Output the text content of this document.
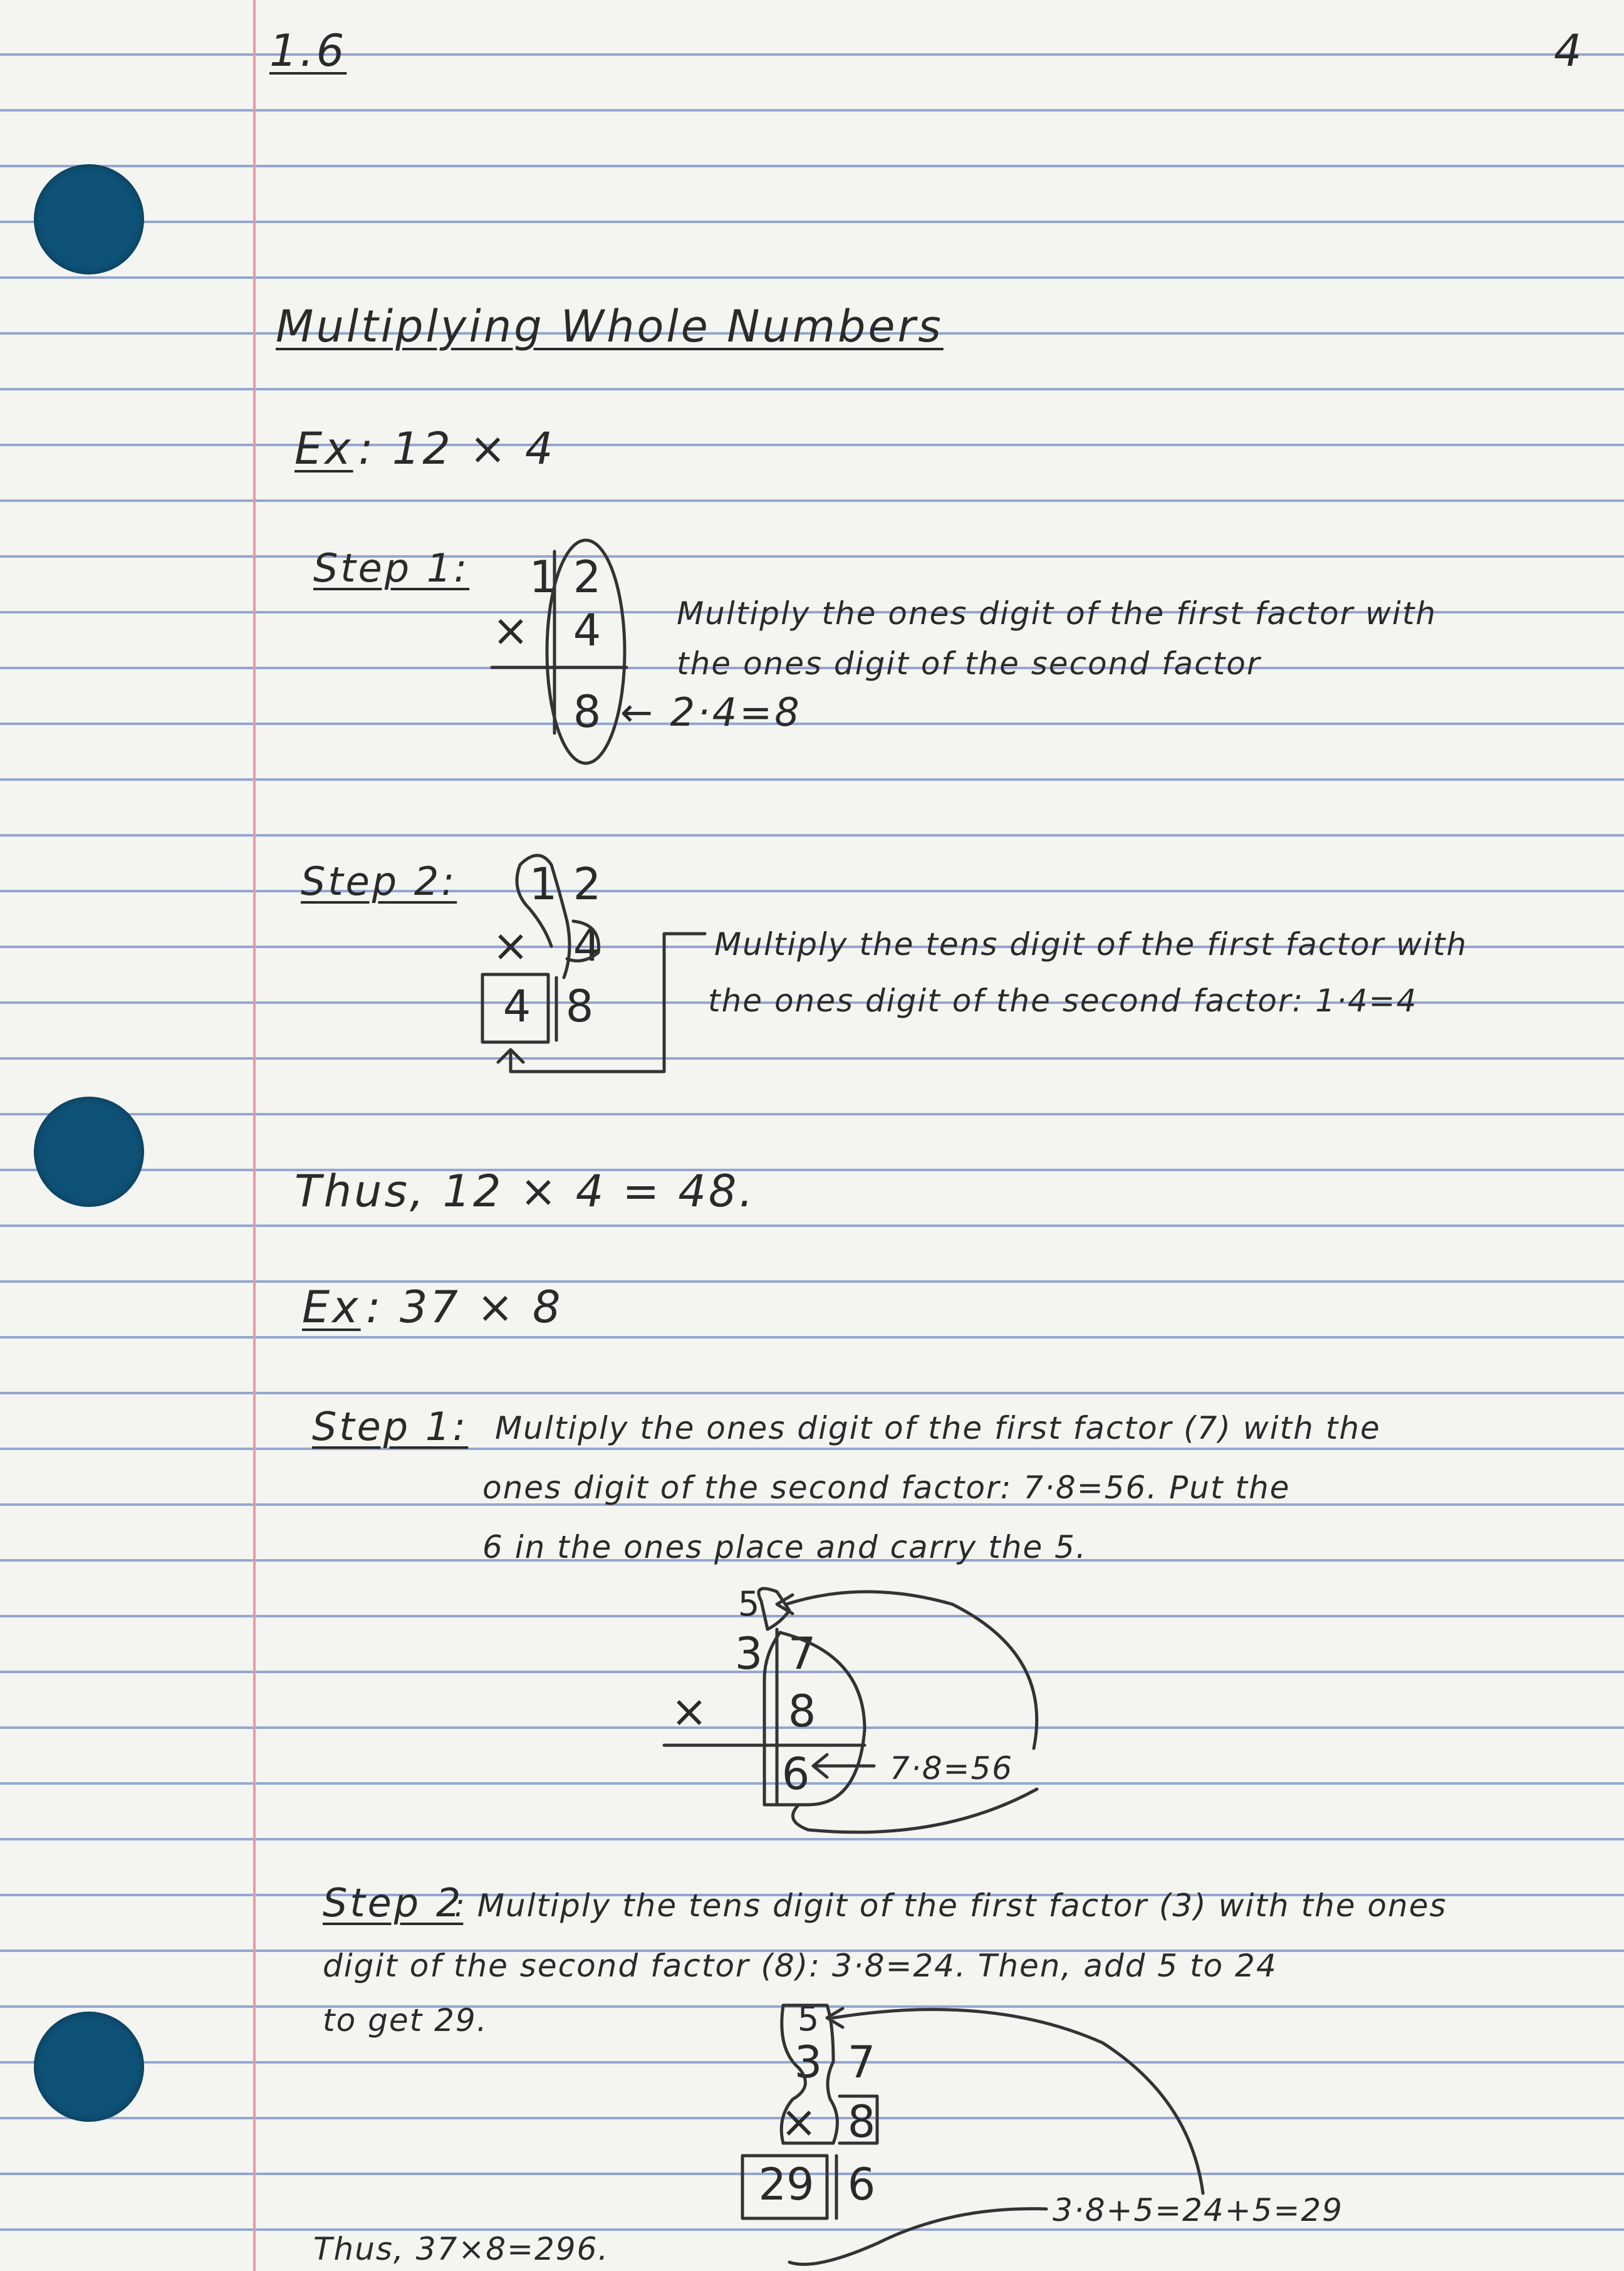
1.6	4
Multiplying Whole Numbers
Ex : 12 × 4
Step 1: 1 2
× 4
8
Multiply the ones digit of the first factor with
the ones digit of the second factor
← 2·4=8
Step 2: 1 2
× 4
4 8
Multiply the tens digit of the first factor with
the ones digit of the second factor: 1·4=4
Thus, 12 × 4 = 48.
Ex : 37 × 8
Step 1: Multiply the ones digit of the first factor (7) with the
ones digit of the second factor: 7·8=56. Put the
6 in the ones place and carry the 5.
5
3 7
× 8
6	7·8=56
Step 2
: Multiply the tens digit of the first factor (3) with the ones
digit of the second factor (8): 3·8=24. Then, add 5 to 24
to get 29.	5
3 7
× 8
29 6	3·8+5=24+5=29
Thus, 37×8=296.
